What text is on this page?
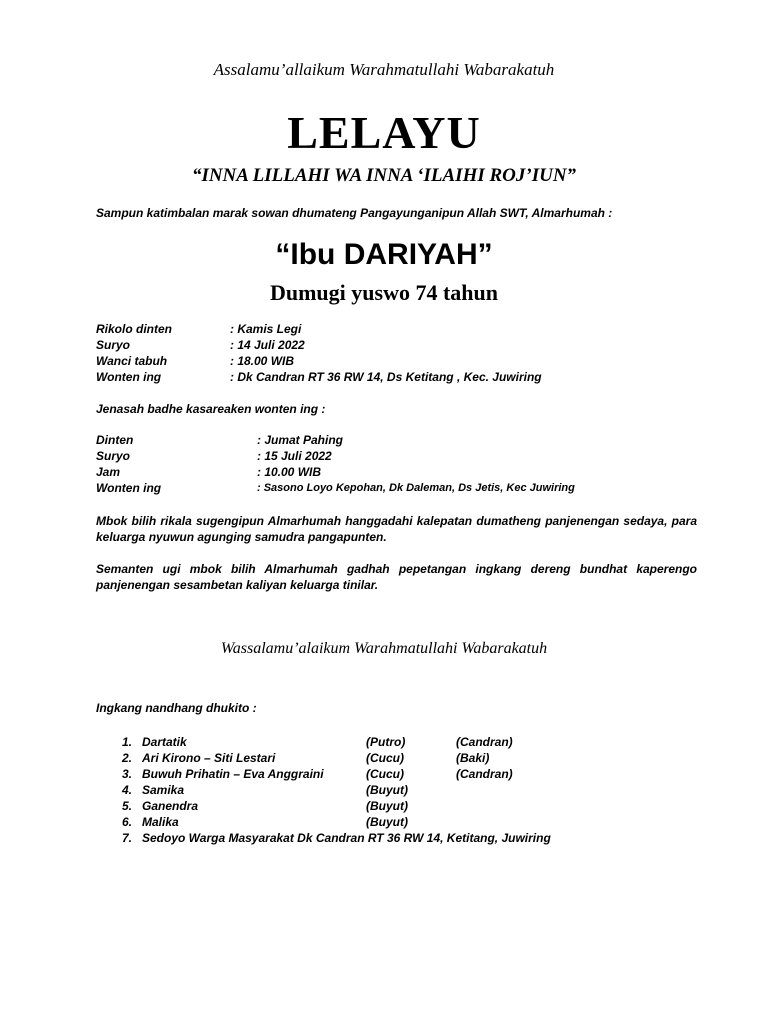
Assalamu’allaikum Warahmatullahi Wabarakatuh
LELAYU
“INNA LILLAHI WA INNA ‘ILAIHI ROJ’IUN”
Sampun katimbalan marak sowan dhumateng Pangayunganipun Allah SWT, Almarhumah :
“Ibu DARIYAH”
Dumugi yuswo 74 tahun
Rikolo dinten	: Kamis Legi
Suryo	: 14 Juli 2022
Wanci tabuh	: 18.00 WIB
Wonten ing	: Dk Candran RT 36 RW 14, Ds Ketitang , Kec. Juwiring
Jenasah badhe kasareaken wonten ing :
Dinten	: Jumat Pahing
Suryo	: 15 Juli 2022
Jam	: 10.00 WIB
Wonten ing	: Sasono Loyo Kepohan, Dk Daleman, Ds Jetis, Kec Juwiring
Mbok bilih rikala sugengipun Almarhumah hanggadahi kalepatan dumatheng panjenengan sedaya, para keluarga nyuwun agunging samudra pangapunten.
Semanten ugi mbok bilih Almarhumah gadhah pepetangan ingkang dereng bundhat kaperengo panjenengan sesambetan kaliyan keluarga tinilar.
Wassalamu’alaikum Warahmatullahi Wabarakatuh
Ingkang nandhang dhukito :
1. Dartatik	(Putro)	(Candran)
2. Ari Kirono – Siti Lestari	(Cucu)	(Baki)
3. Buwuh Prihatin – Eva Anggraini	(Cucu)	(Candran)
4. Samika	(Buyut)
5. Ganendra	(Buyut)
6. Malika	(Buyut)
7. Sedoyo Warga Masyarakat Dk Candran RT 36 RW 14, Ketitang, Juwiring
